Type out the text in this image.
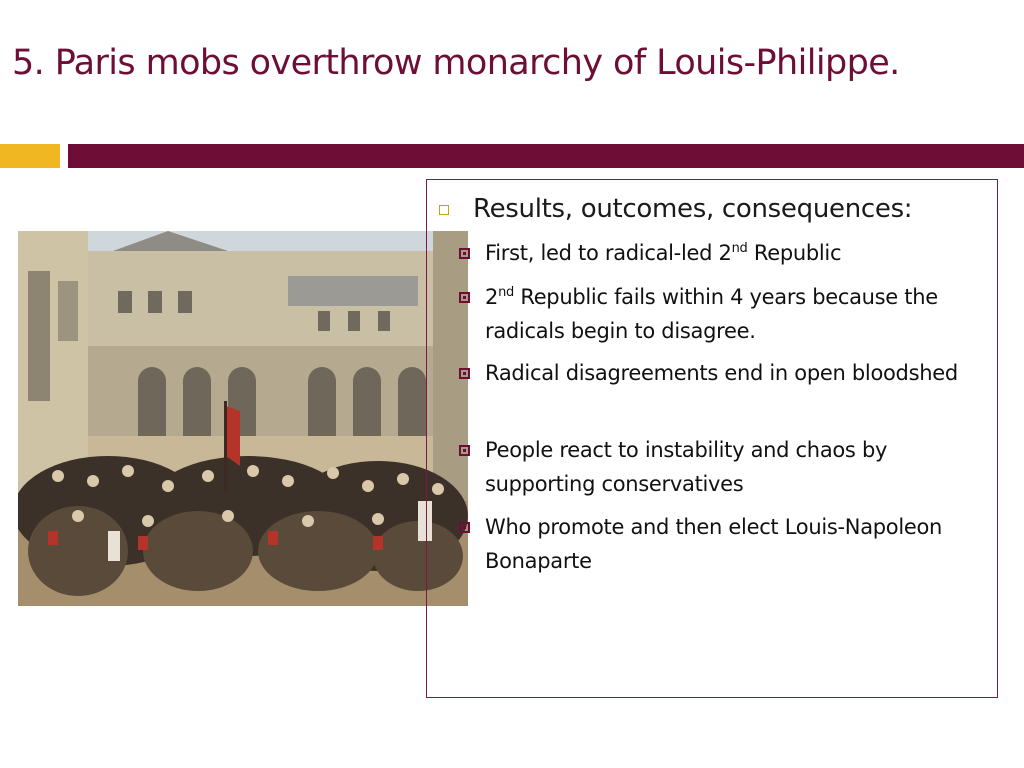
5. Paris mobs overthrow monarchy of Louis-Philippe.
Results, outcomes, consequences:
First, led to radical-led 2nd Republic
2nd Republic fails within 4 years because the radicals begin to disagree.
Radical disagreements end in open bloodshed
People react to instability and chaos by supporting conservatives
Who promote and then elect Louis-Napoleon Bonaparte
